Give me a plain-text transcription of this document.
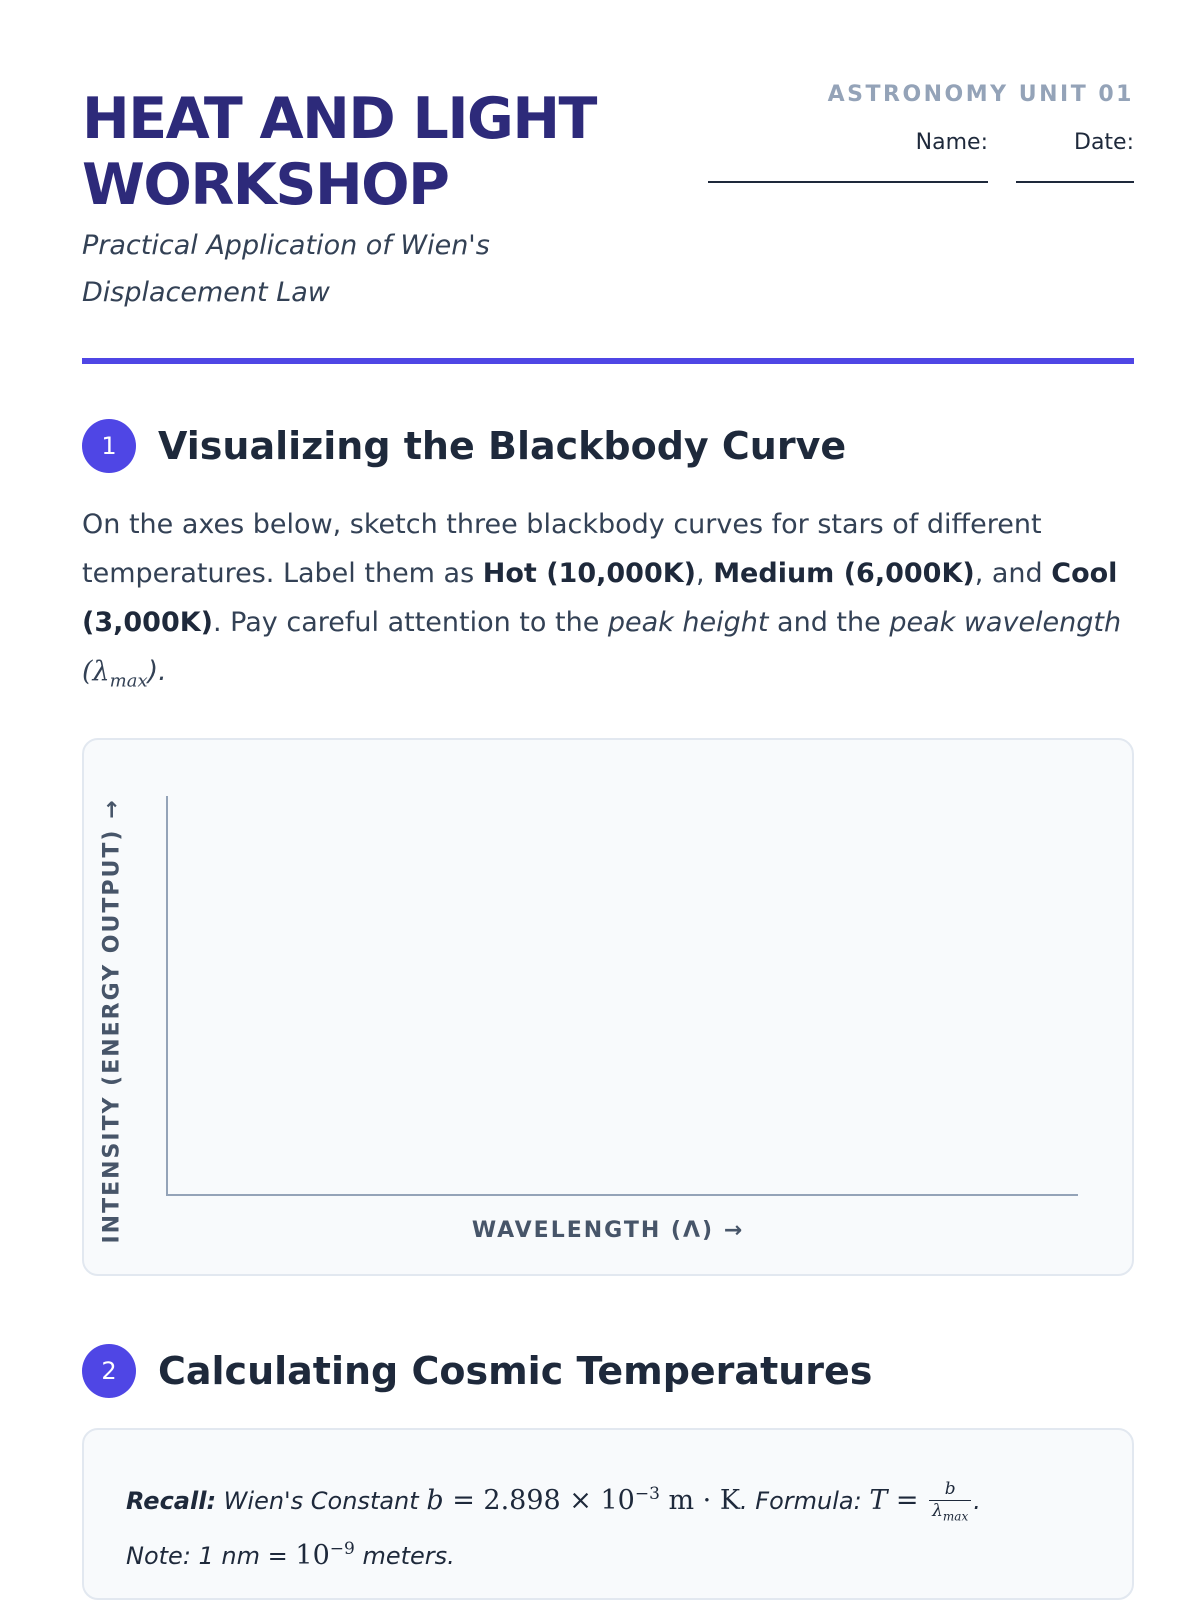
HEAT AND LIGHT
WORKSHOP
Practical Application of Wien's Displacement Law
ASTRONOMY UNIT 01
Name:	Date:
1	Visualizing the Blackbody Curve

On the axes below, sketch three blackbody curves for stars of different temperatures. Label them as Hot (10,000K), Medium (6,000K), and Cool (3,000K). Pay careful attention to the peak height and the peak wavelength $(\lambda_{max})$.

INTENSITY (ENERGY OUTPUT) →	WAVELENGTH (Λ) →
2	Calculating Cosmic Temperatures

Recall: Wien's Constant $b = 2.898 \times 10^{-3}$ m · K. Formula: $T = \frac{b}{\lambda_{max}}$ .
Note: 1 nm = $10^{-9}$ meters.
